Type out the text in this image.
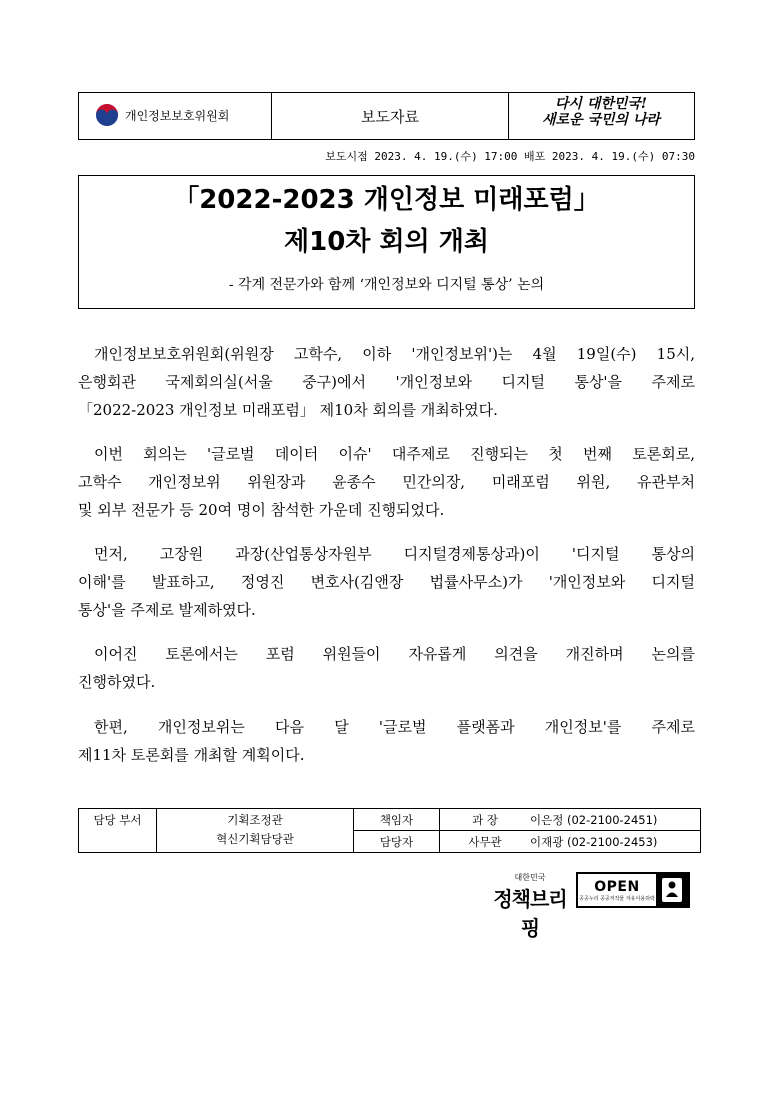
개인정보보호위원회	보도자료
다시 대한민국!
새로운 국민의 나라
보도시점 2023. 4. 19.(수) 17:00 배포 2023. 4. 19.(수) 07:30
「2022-2023 개인정보 미래포럼」
제10차 회의 개최
- 각계 전문가와 함께 ‘개인정보와 디지털 통상’ 논의
개인정보보호위원회(위원장 고학수, 이하 '개인정보위')는 4월 19일(수) 15시,
은행회관 국제회의실(서울 중구)에서 '개인정보와 디지털 통상'을 주제로
「2022-2023 개인정보 미래포럼」 제10차 회의를 개최하였다.
이번 회의는 '글로벌 데이터 이슈' 대주제로 진행되는 첫 번째 토론회로,
고학수 개인정보위 위원장과 윤종수 민간의장, 미래포럼 위원, 유관부처
및 외부 전문가 등 20여 명이 참석한 가운데 진행되었다.
먼저, 고장원 과장(산업통상자원부 디지털경제통상과)이 '디지털 통상의
이해'를 발표하고, 정영진 변호사(김앤장 법률사무소)가 '개인정보와 디지털
통상'을 주제로 발제하였다.
이어진 토론에서는 포럼 위원들이 자유롭게 의견을 개진하며 논의를
진행하였다.
한편, 개인정보위는 다음 달 '글로벌 플랫폼과 개인정보'를 주제로
제11차 토론회를 개최할 계획이다.
담당 부서	기획조정관
혁신기획담당관
책임자	과 장	이은정 (02-2100-2451)
담당자	사무관	이재광 (02-2100-2453)
대한민국
정책브리핑
OPEN
공공누리 공공저작물 자유이용허락
